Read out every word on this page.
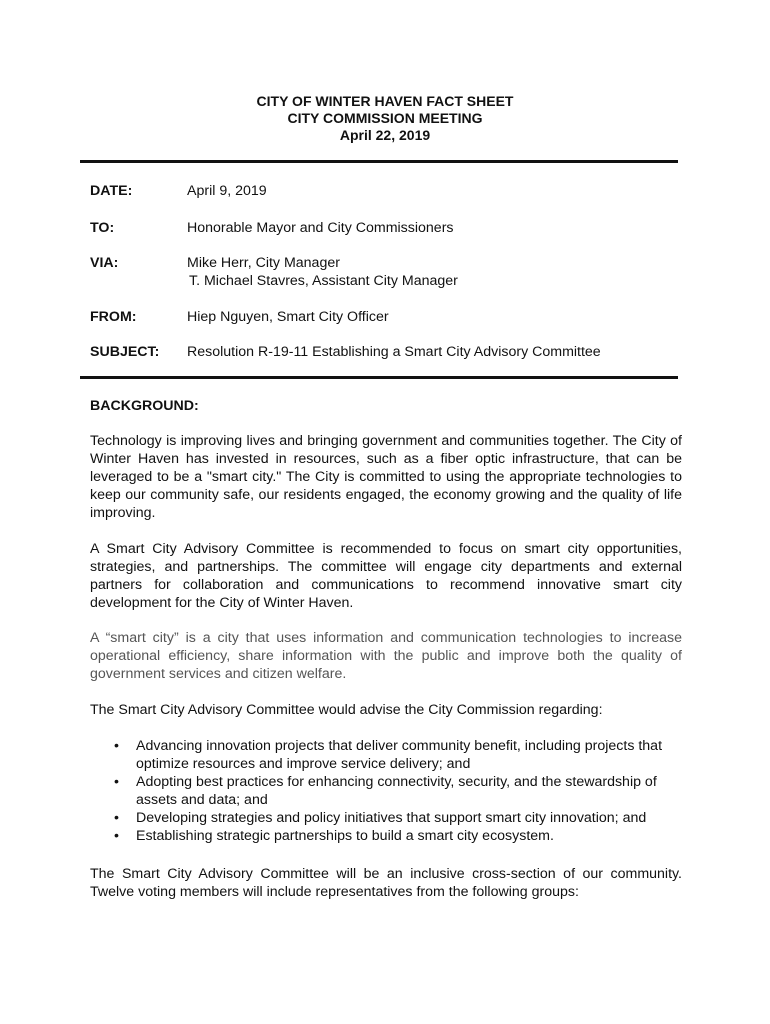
CITY OF WINTER HAVEN FACT SHEET
CITY COMMISSION MEETING
April 22, 2019
DATE:	April 9, 2019
TO:	Honorable Mayor and City Commissioners
VIA:	Mike Herr, City Manager
T. Michael Stavres, Assistant City Manager
FROM:	Hiep Nguyen, Smart City Officer
SUBJECT: Resolution R-19-11 Establishing a Smart City Advisory Committee
BACKGROUND:

Technology is improving lives and bringing government and communities together. The City of Winter Haven has invested in resources, such as a fiber optic infrastructure, that can be leveraged to be a "smart city." The City is committed to using the appropriate technologies to keep our community safe, our residents engaged, the economy growing and the quality of life improving.

A Smart City Advisory Committee is recommended to focus on smart city opportunities, strategies, and partnerships. The committee will engage city departments and external partners for collaboration and communications to recommend innovative smart city development for the City of Winter Haven.

A “smart city” is a city that uses information and communication technologies to increase operational efficiency, share information with the public and improve both the quality of government services and citizen welfare.

The Smart City Advisory Committee would advise the City Commission regarding:

• Advancing innovation projects that deliver community benefit, including projects that optimize resources and improve service delivery; and
• Adopting best practices for enhancing connectivity, security, and the stewardship of assets and data; and
• Developing strategies and policy initiatives that support smart city innovation; and
• Establishing strategic partnerships to build a smart city ecosystem.

The Smart City Advisory Committee will be an inclusive cross-section of our community. Twelve voting members will include representatives from the following groups:
